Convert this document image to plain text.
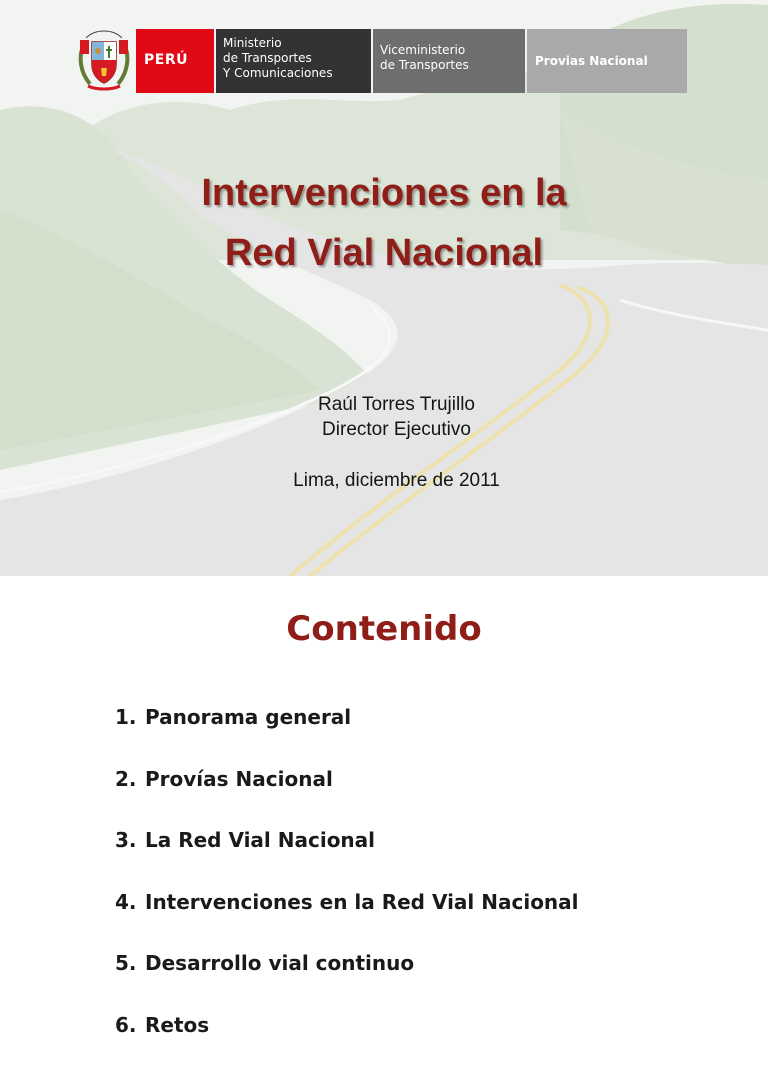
PERÚ
Ministerio
de Transportes
Y Comunicaciones
Viceministerio
de Transportes	Provias Nacional
Intervenciones en la
Red Vial Nacional
Raúl Torres Trujillo
Director Ejecutivo
Lima, diciembre de 2011
Contenido
1. Panorama general
2. Provías Nacional
3. La Red Vial Nacional
4. Intervenciones en la Red Vial Nacional
5. Desarrollo vial continuo
6. Retos
